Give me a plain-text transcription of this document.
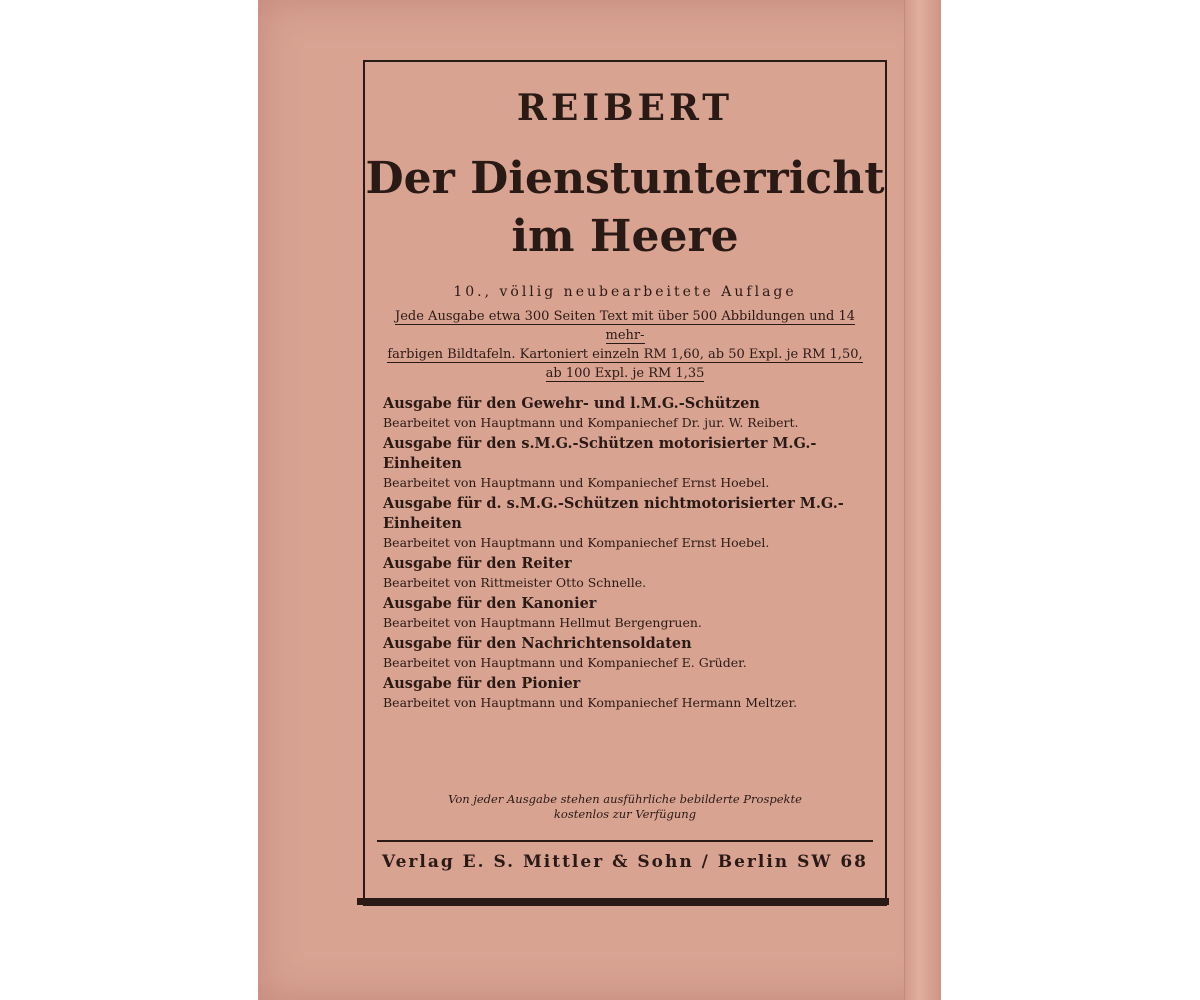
REIBERT
Der Dienstunterricht
im Heere
10., völlig neubearbeitete Auflage
Jede Ausgabe etwa 300 Seiten Text mit über 500 Abbildungen und 14 mehr-
farbigen Bildtafeln. Kartoniert einzeln RM 1,60, ab 50 Expl. je RM 1,50,
ab 100 Expl. je RM 1,35
Ausgabe für den Gewehr- und l.M.G.-Schützen
Bearbeitet von Hauptmann und Kompaniechef Dr. jur. W. Reibert.
Ausgabe für den s.M.G.-Schützen motorisierter M.G.-Einheiten
Bearbeitet von Hauptmann und Kompaniechef Ernst Hoebel.
Ausgabe für d. s.M.G.-Schützen nichtmotorisierter M.G.-Einheiten
Bearbeitet von Hauptmann und Kompaniechef Ernst Hoebel.
Ausgabe für den Reiter
Bearbeitet von Rittmeister Otto Schnelle.
Ausgabe für den Kanonier
Bearbeitet von Hauptmann Hellmut Bergengruen.
Ausgabe für den Nachrichtensoldaten
Bearbeitet von Hauptmann und Kompaniechef E. Grüder.
Ausgabe für den Pionier
Bearbeitet von Hauptmann und Kompaniechef Hermann Meltzer.
Von jeder Ausgabe stehen ausführliche bebilderte Prospekte
kostenlos zur Verfügung
Verlag E. S. Mittler & Sohn / Berlin SW 68
